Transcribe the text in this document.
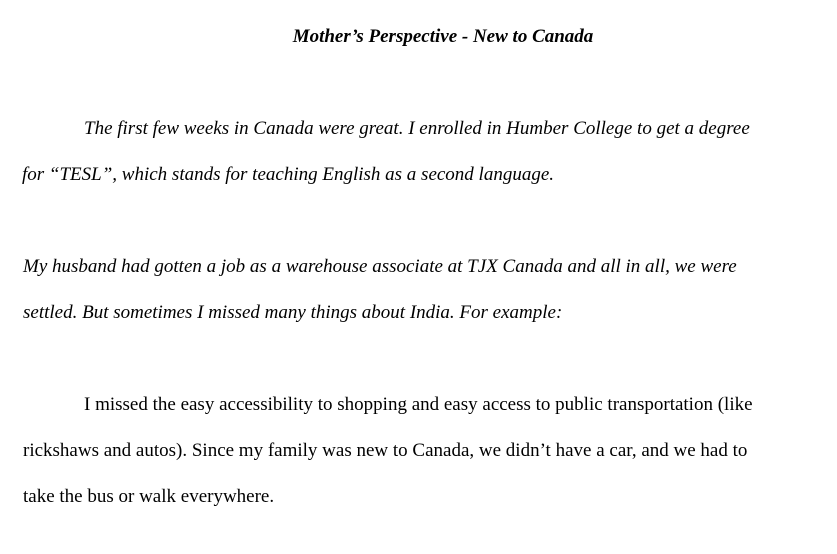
Mother’s Perspective - New to Canada
The first few weeks in Canada were great. I enrolled in Humber College to get a degree
for “TESL”, which stands for teaching English as a second language.
My husband had gotten a job as a warehouse associate at TJX Canada and all in all, we were
settled. But sometimes I missed many things about India. For example:
I missed the easy accessibility to shopping and easy access to public transportation (like
rickshaws and autos). Since my family was new to Canada, we didn’t have a car, and we had to
take the bus or walk everywhere.
